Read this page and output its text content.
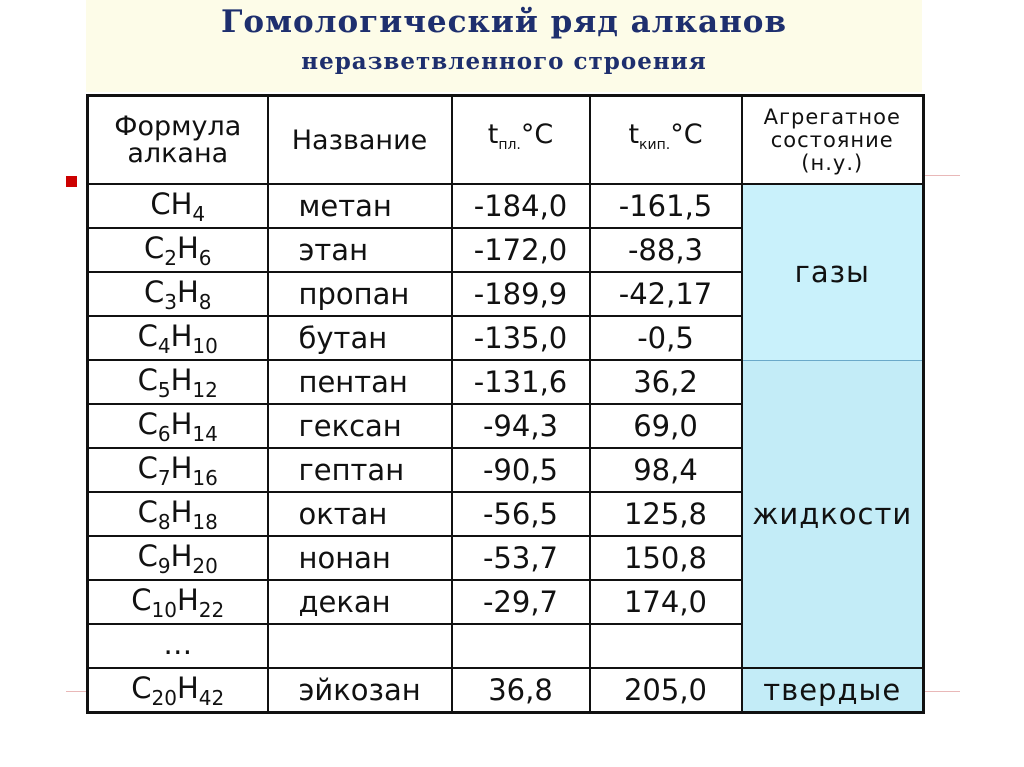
Гомологический ряд алканов
неразветвленного строения
Формула алкана	Название	$t_{пл.}^\circ C$	$t_{кип.}^\circ C$	Агрегатное состояние (н.у.)
$CH_4$	метан	-184,0	-161,5	газы
$C_2H_6$	этан	-172,0	-88,3	
$C_3H_8$	пропан	-189,9	-42,17	
$C_4H_{10}$	бутан	-135,0	-0,5	
$C_5H_{12}$	пентан	-131,6	36,2	жидкости
$C_6H_{14}$	гексан	-94,3	69,0	
$C_7H_{16}$	гептан	-90,5	98,4	
$C_8H_{18}$	октан	-56,5	125,8	
$C_9H_{20}$	нонан	-53,7	150,8	
$C_{10}H_{22}$	декан	-29,7	174,0	
…				
$C_{20}H_{42}$	эйкозан	36,8	205,0	твердые
